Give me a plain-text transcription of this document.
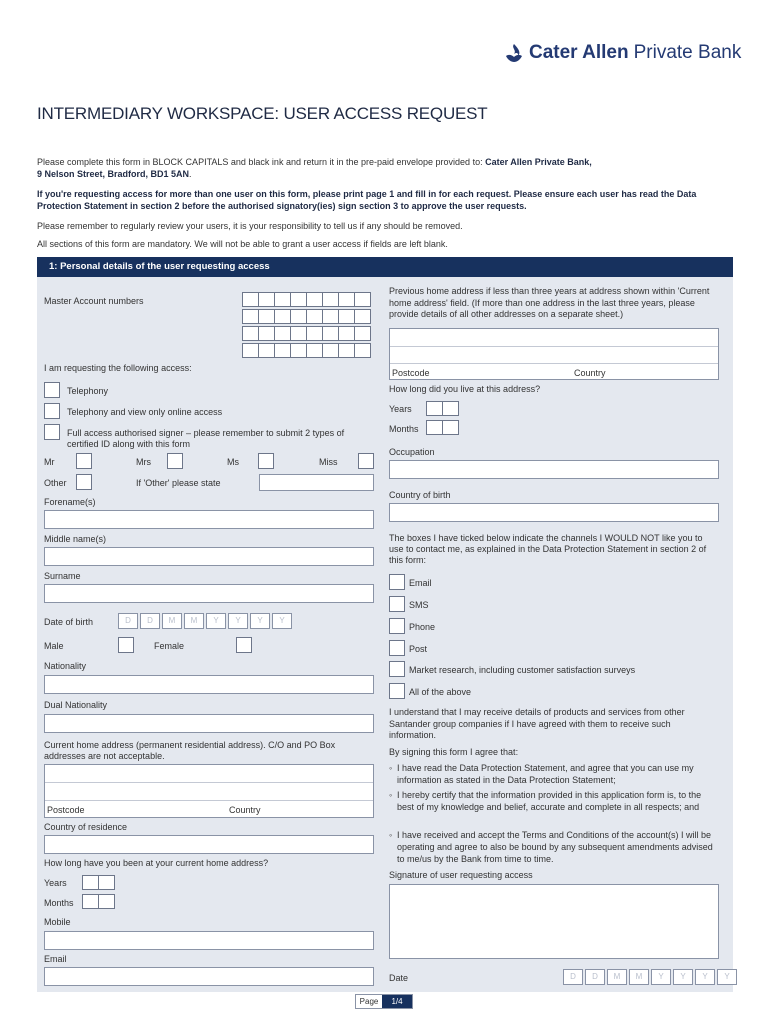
Cater Allen Private Bank
INTERMEDIARY WORKSPACE: USER ACCESS REQUEST
Please complete this form in BLOCK CAPITALS and black ink and return it in the pre-paid envelope provided to: Cater Allen Private Bank,
9 Nelson Street, Bradford, BD1 5AN.
If you're requesting access for more than one user on this form, please print page 1 and fill in for each request. Please ensure each user has read the Data Protection Statement in section 2 before the authorised signatory(ies) sign section 3 to approve the user requests.
Please remember to regularly review your users, it is your responsibility to tell us if any should be removed.
All sections of this form are mandatory. We will not be able to grant a user access if fields are left blank.
1: Personal details of the user requesting access
Master Account numbers
I am requesting the following access:
Telephony
Telephony and view only online access
Full access authorised signer – please remember to submit 2 types of certified ID along with this form
Mr	Mrs	Ms	Miss
Other	If 'Other' please state
Forename(s)
Middle name(s)
Surname
Date of birth	D	D	M	M	Y	Y	Y	Y
Male	Female
Nationality
Dual Nationality
Current home address (permanent residential address). C/O and PO Box addresses are not acceptable.
Postcode	Country
Country of residence
How long have you been at your current home address?
Years
Months
Mobile
Email
Previous home address if less than three years at address shown within 'Current home address' field. (If more than one address in the last three years, please provide details of all other addresses on a separate sheet.)
Postcode	Country
How long did you live at this address?
Years
Months
Occupation
Country of birth
The boxes I have ticked below indicate the channels I WOULD NOT like you to use to contact me, as explained in the Data Protection Statement in section 2 of this form:
Email
SMS
Phone
Post
Market research, including customer satisfaction surveys
All of the above
I understand that I may receive details of products and services from other Santander group companies if I have agreed with them to receive such information.
By signing this form I agree that:
◦ I have read the Data Protection Statement, and agree that you can use my information as stated in the Data Protection Statement;
◦ I hereby certify that the information provided in this application form is, to the best of my knowledge and belief, accurate and complete in all respects; and
◦ I have received and accept the Terms and Conditions of the account(s) I will be operating and agree to also be bound by any subsequent amendments advised to me/us by the Bank from time to time.
Signature of user requesting access
Date	D	D	M	M	Y	Y	Y	Y
Page	1/4
